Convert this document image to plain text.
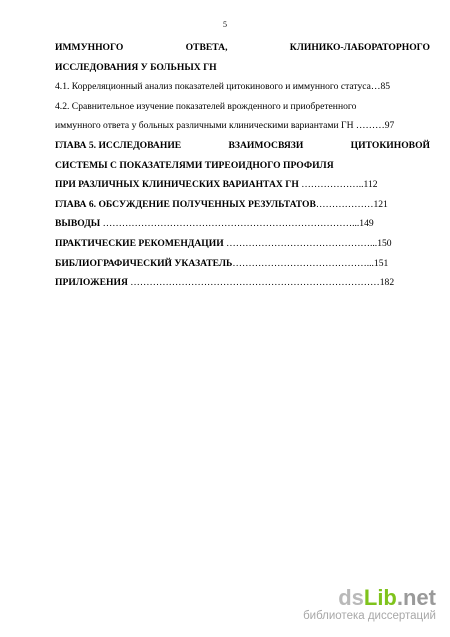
5
ИММУННОГО	ОТВЕТА,	КЛИНИКО-ЛАБОРАТОРНОГО
ИССЛЕДОВАНИЯ У БОЛЬНЫХ ГН
4.1. Корреляционный анализ показателей цитокинового и иммунного статуса…85
4.2. Сравнительное изучение показателей врожденного и приобретенного
иммунного ответа у больных различными клиническими вариантами ГН ………97
ГЛАВА 5. ИССЛЕДОВАНИЕ	ВЗАИМОСВЯЗИ	ЦИТОКИНОВОЙ
СИСТЕМЫ С ПОКАЗАТЕЛЯМИ ТИРЕОИДНОГО ПРОФИЛЯ
ПРИ РАЗЛИЧНЫХ КЛИНИЧЕСКИХ ВАРИАНТАХ ГН ………………..112
ГЛАВА 6. ОБСУЖДЕНИЕ ПОЛУЧЕННЫХ РЕЗУЛЬТАТОВ………………121
ВЫВОДЫ ……………………………………………………………………...149
ПРАКТИЧЕСКИЕ РЕКОМЕНДАЦИИ ………………………………………...150
БИБЛИОГРАФИЧЕСКИЙ УКАЗАТЕЛЬ……………………………………...151
ПРИЛОЖЕНИЯ ……………………………………………………………………182
dsLib.net
библиотека диссертаций
